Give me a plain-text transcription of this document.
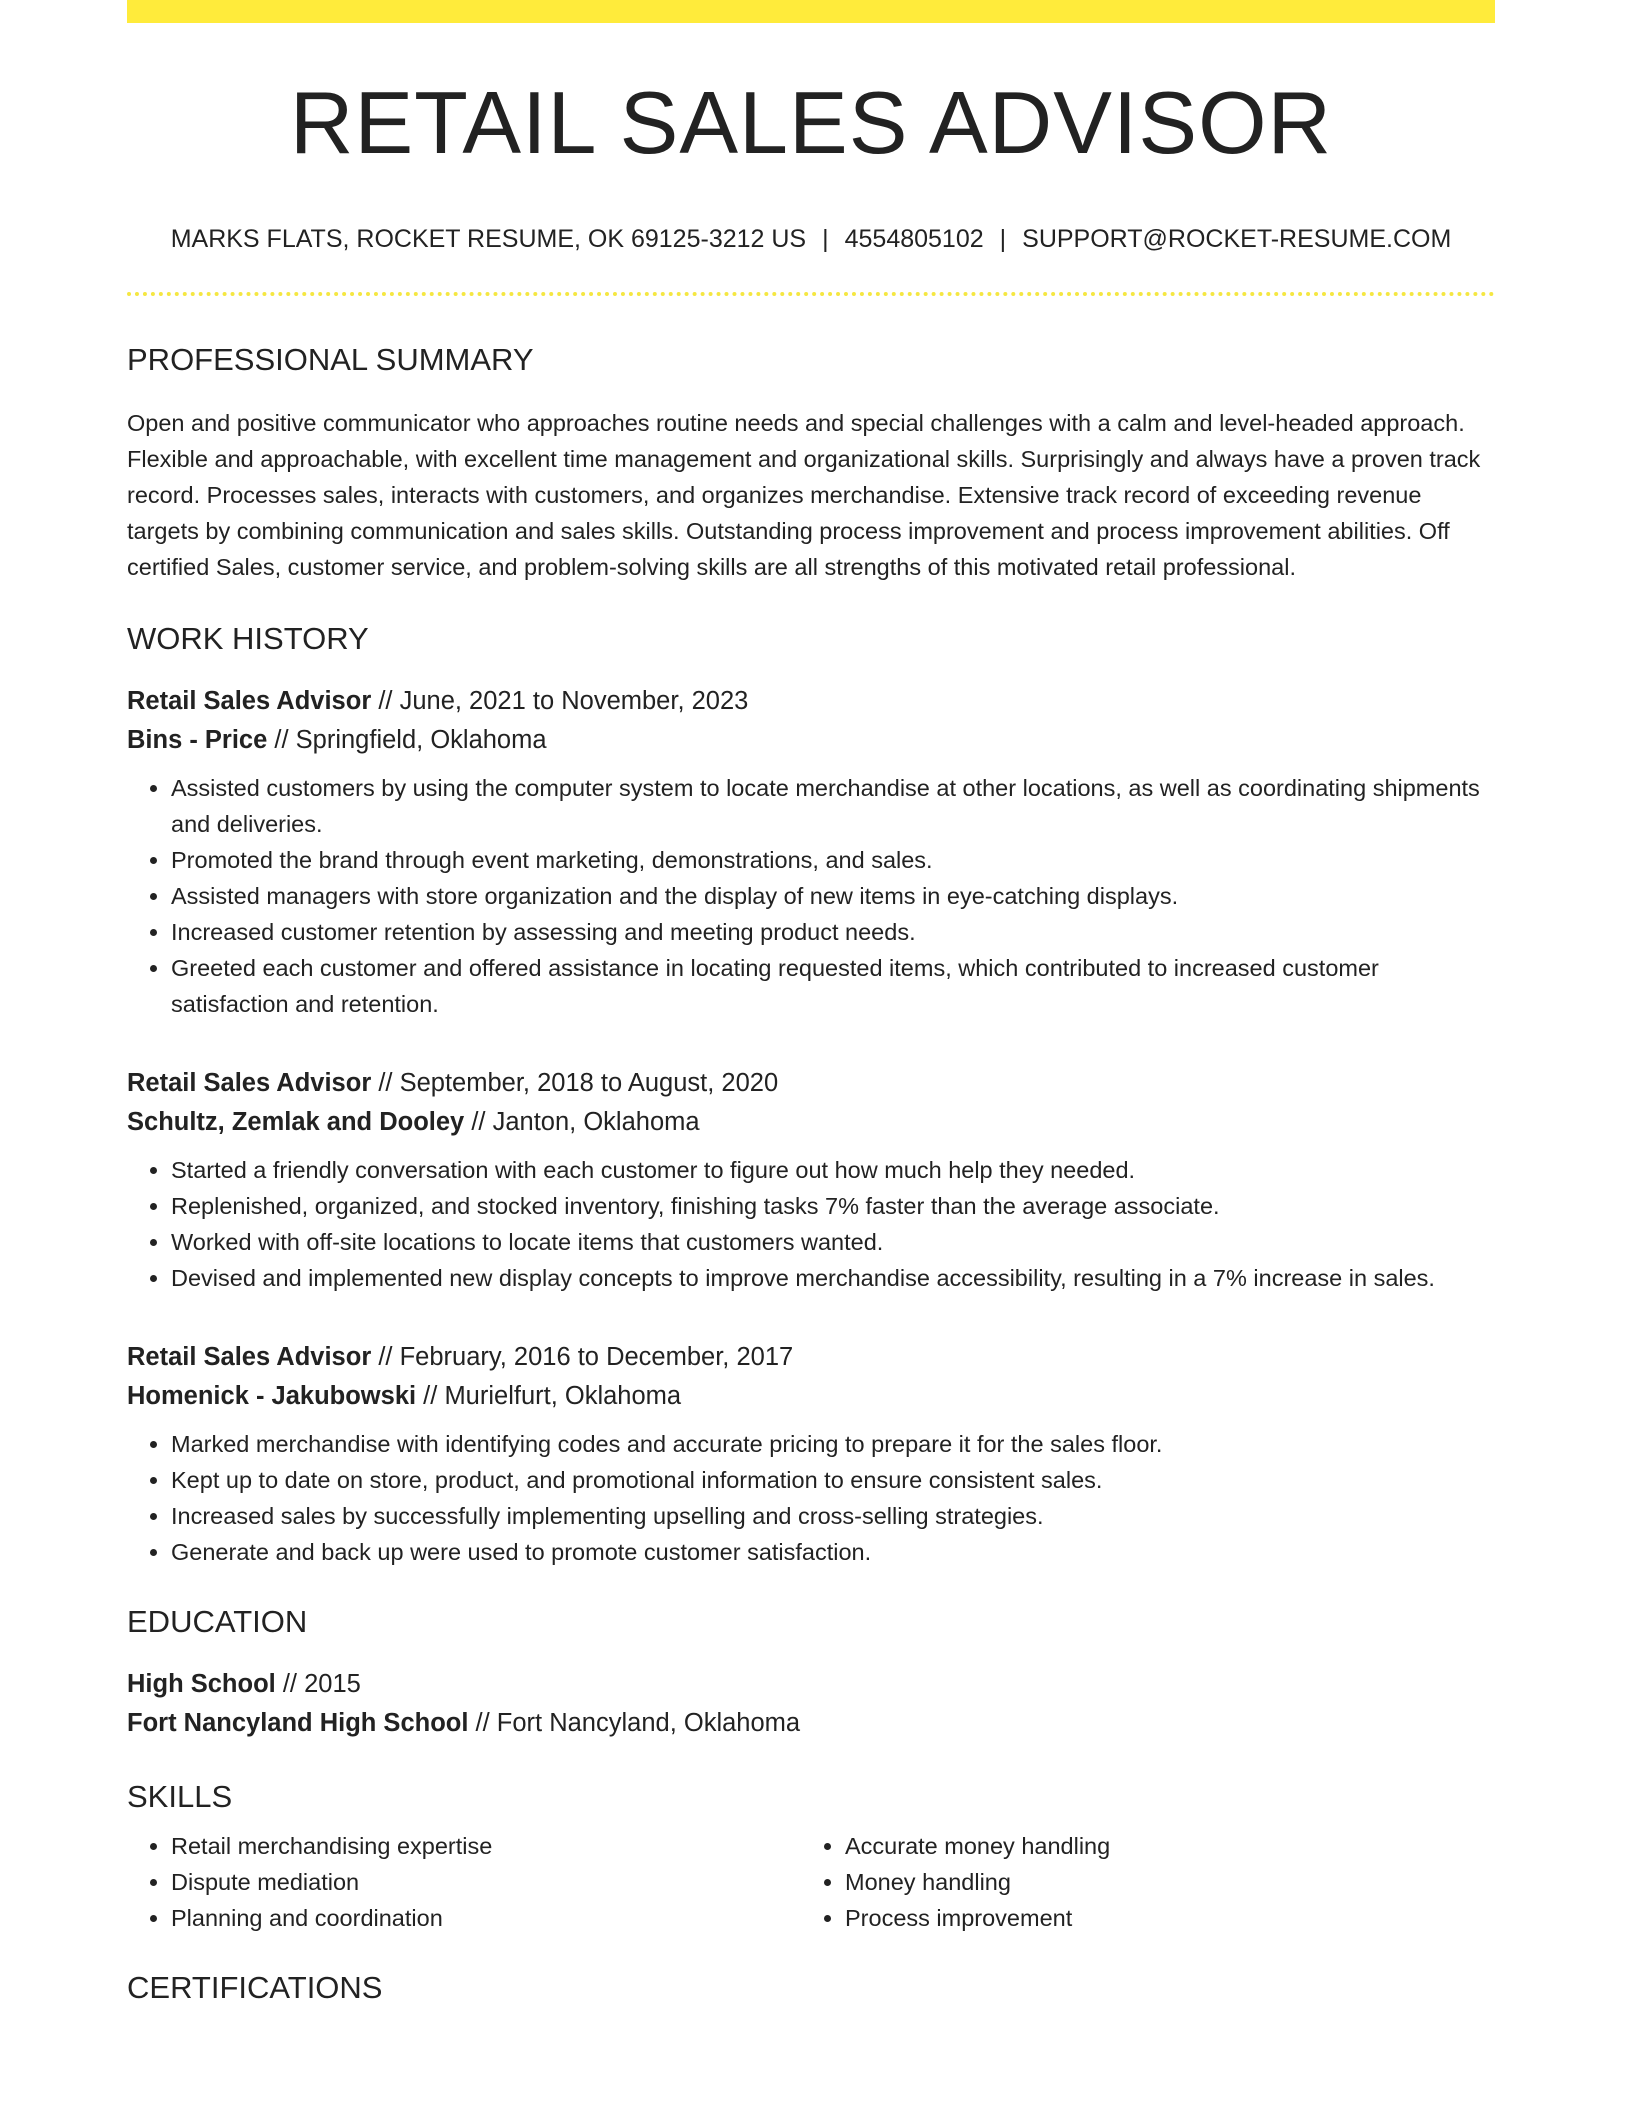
RETAIL SALES ADVISOR
MARKS FLATS, ROCKET RESUME, OK 69125-3212 US | 4554805102 | SUPPORT@ROCKET-RESUME.COM
PROFESSIONAL SUMMARY

Open and positive communicator who approaches routine needs and special challenges with a calm and level-headed approach. Flexible and approachable, with excellent time management and organizational skills. Surprisingly and always have a proven track record. Processes sales, interacts with customers, and organizes merchandise. Extensive track record of exceeding revenue targets by combining communication and sales skills. Outstanding process improvement and process improvement abilities. Off certified Sales, customer service, and problem-solving skills are all strengths of this motivated retail professional.

WORK HISTORY
Retail Sales Advisor // June, 2021 to November, 2023
Bins - Price // Springfield, Oklahoma
• Assisted customers by using the computer system to locate merchandise at other locations, as well as coordinating shipments and deliveries.
• Promoted the brand through event marketing, demonstrations, and sales.
• Assisted managers with store organization and the display of new items in eye-catching displays.
• Increased customer retention by assessing and meeting product needs.
• Greeted each customer and offered assistance in locating requested items, which contributed to increased customer satisfaction and retention.
Retail Sales Advisor // September, 2018 to August, 2020
Schultz, Zemlak and Dooley // Janton, Oklahoma
• Started a friendly conversation with each customer to figure out how much help they needed.
• Replenished, organized, and stocked inventory, finishing tasks 7% faster than the average associate.
• Worked with off-site locations to locate items that customers wanted.
• Devised and implemented new display concepts to improve merchandise accessibility, resulting in a 7% increase in sales.
Retail Sales Advisor // February, 2016 to December, 2017
Homenick - Jakubowski // Murielfurt, Oklahoma
• Marked merchandise with identifying codes and accurate pricing to prepare it for the sales floor.
• Kept up to date on store, product, and promotional information to ensure consistent sales.
• Increased sales by successfully implementing upselling and cross-selling strategies.
• Generate and back up were used to promote customer satisfaction.
EDUCATION
High School // 2015
Fort Nancyland High School // Fort Nancyland, Oklahoma
SKILLS
• Retail merchandising expertise
• Dispute mediation
• Planning and coordination
• Accurate money handling
• Money handling
• Process improvement
CERTIFICATIONS
